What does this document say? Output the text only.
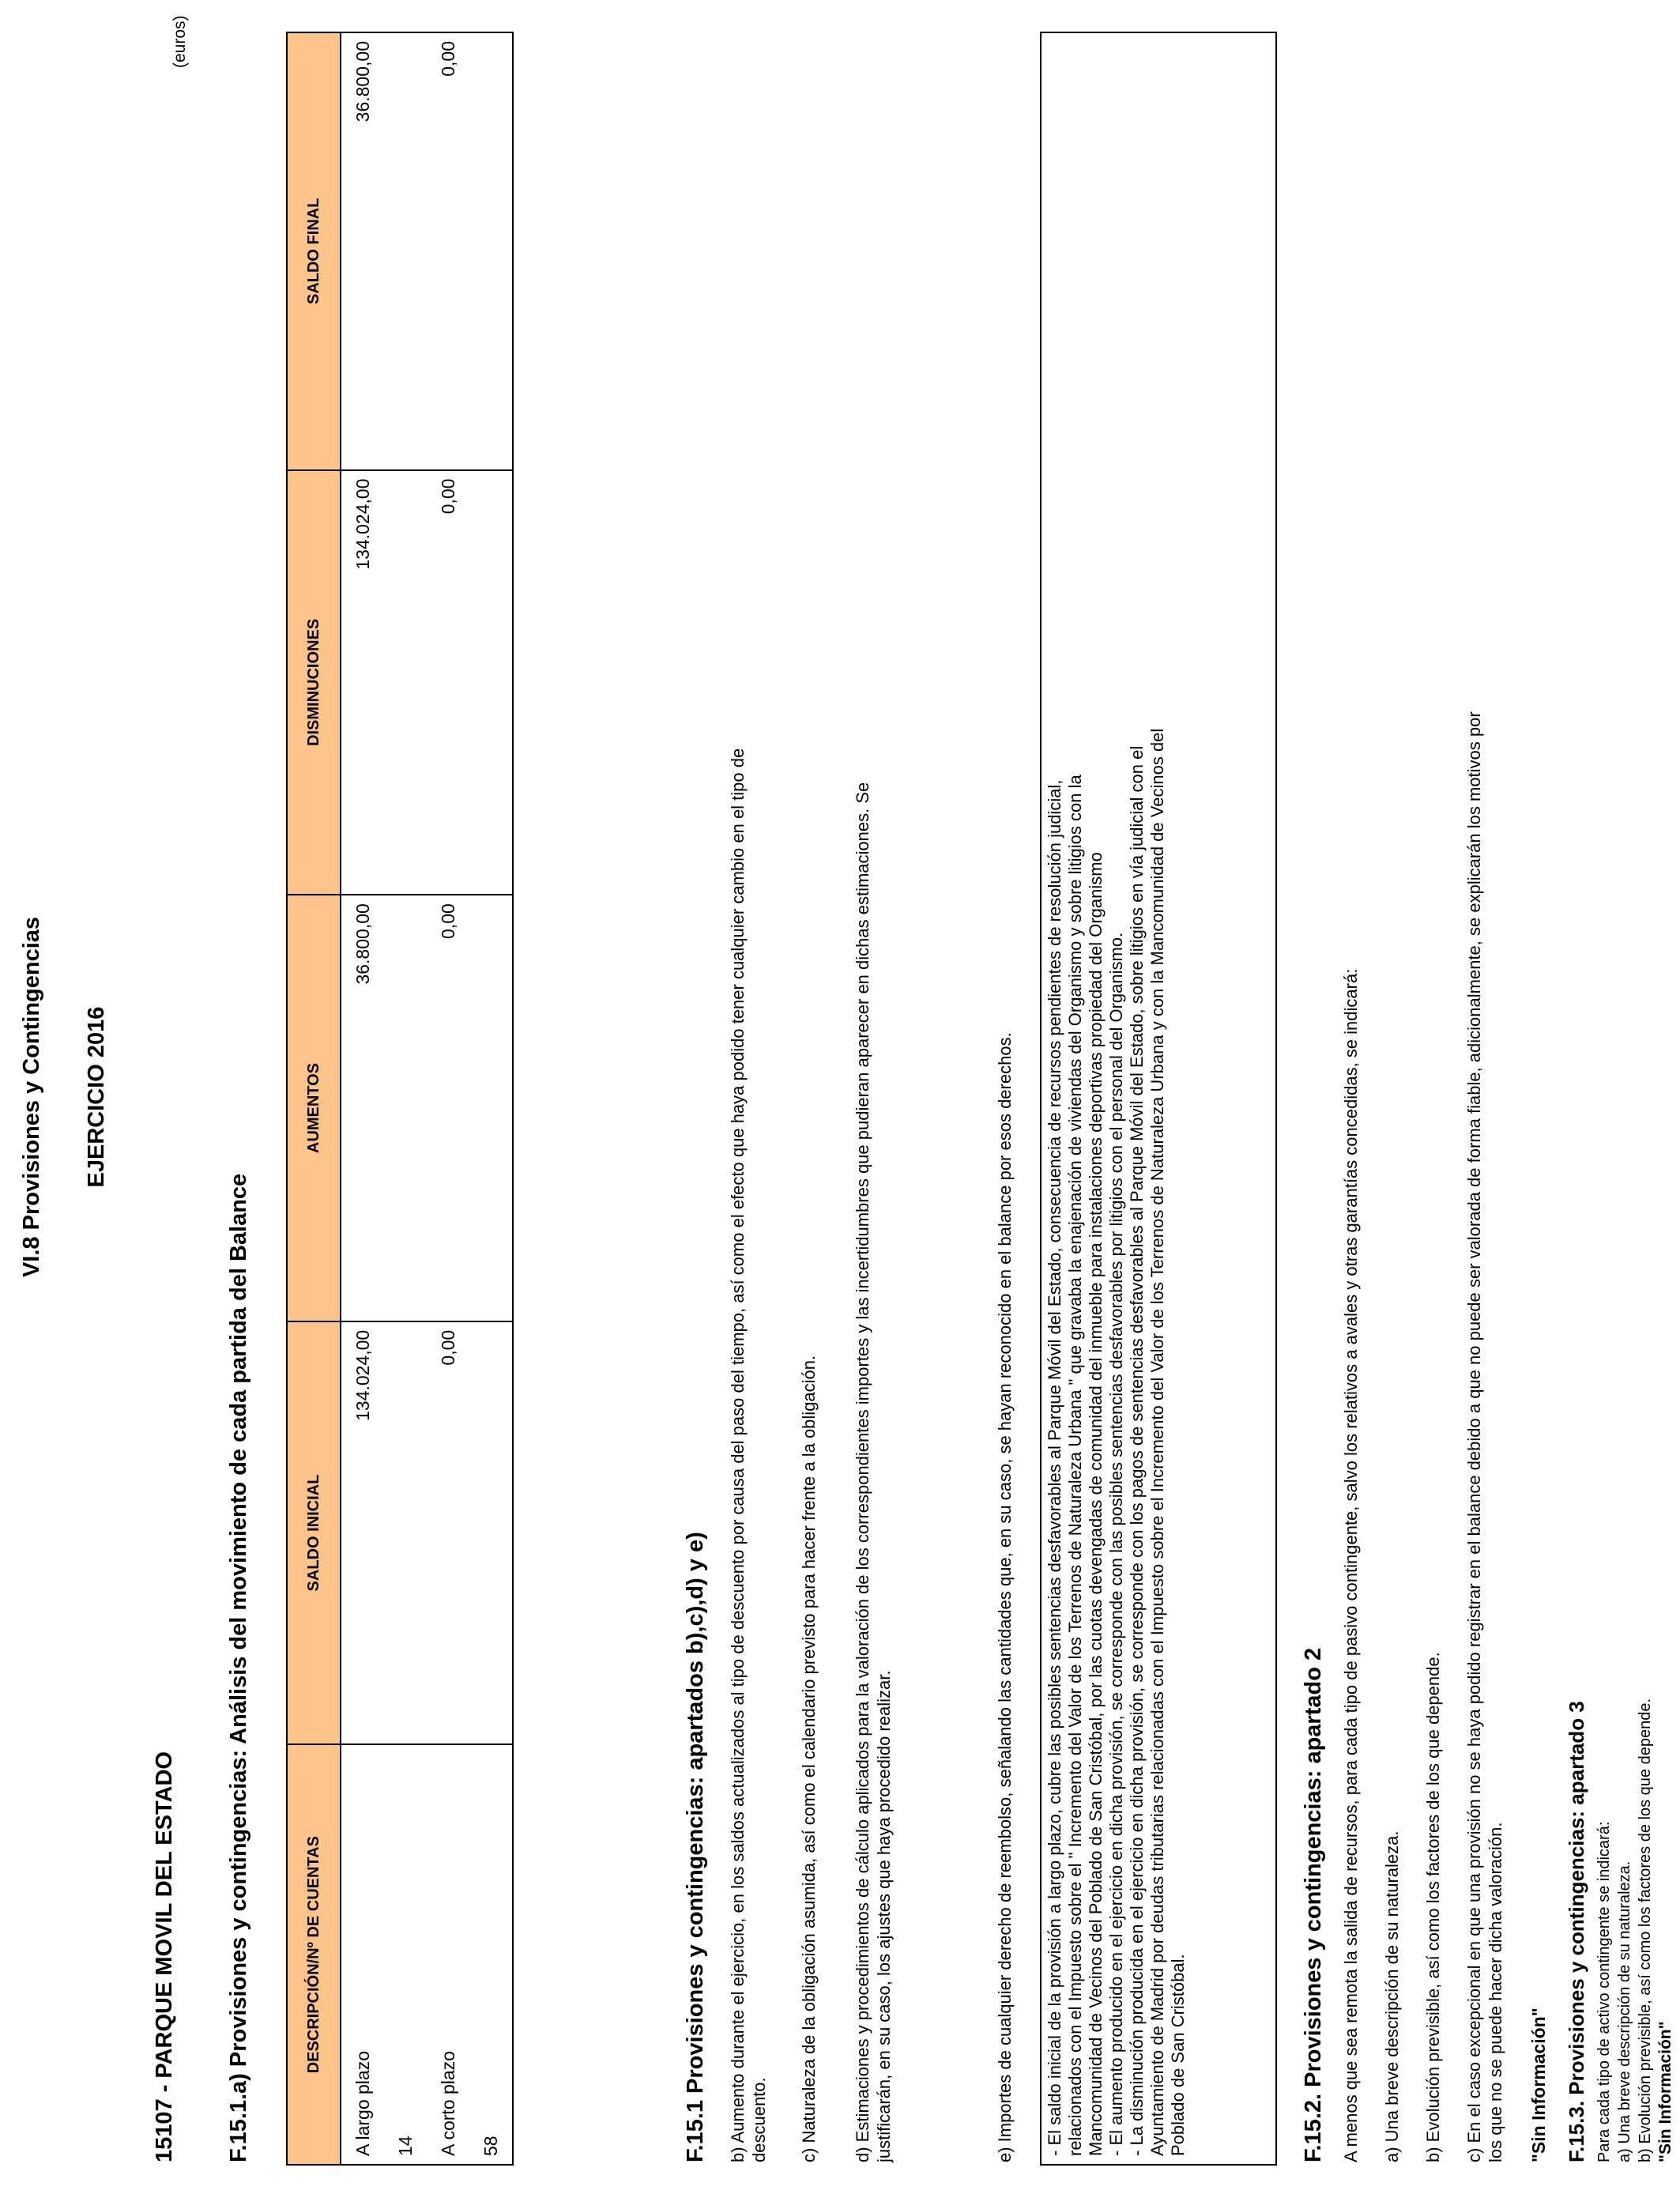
VI.8 Provisiones y Contingencias EJERCICIO 2016
15107 - PARQUE MOVIL DEL ESTADO
(euros)
F.15.1.a) Provisiones y contingencias: Análisis del movimiento de cada partida del Balance	DESCRIPCIÓN/Nº DE CUENTAS	SALDO INICIAL	AUMENTOS	DISMINUCIONES	SALDO FINAL
A largo plazo	134.024,00	36.800,00	134.024,00	36.800,00
14				
A corto plazo	0,00	0,00	0,00	0,00
58					F.15.1 Provisiones y contingencias: apartados b),c),d) y e) b) Aumento durante el ejercicio, en los saldos actualizados al tipo de descuento por causa del paso del tiempo, así como el efecto que haya podido tener cualquier cambio en el tipo de descuento. c) Naturaleza de la obligación asumida, así como el calendario previsto para hacer frente a la obligación. d) Estimaciones y procedimientos de cálculo aplicados para la valoración de los correspondientes importes y las incertidumbres que pudieran aparecer en dichas estimaciones. Se justificarán, en su caso, los ajustes que haya procedido realizar.	e) Importes de cualquier derecho de reembolso, señalando las cantidades que, en su caso, se hayan reconocido en el balance por esos derechos. - El saldo inicial de la provisión a largo plazo, cubre las posibles sentencias desfavorables al Parque Móvil del Estado, consecuencia de recursos pendientes de resolución judicial, relacionados con el Impuesto sobre el " Incremento del Valor de los Terrenos de Naturaleza Urbana " que gravaba la enajenación de viviendas del Organismo y sobre litigios con la Mancomunidad de Vecinos del Poblado de San Cristóbal, por las cuotas devengadas de comunidad del inmueble para instalaciones deportivas propiedad del Organismo - El aumento producido en el ejercicio en dicha provisión, se corresponde con las posibles sentencias desfavorables por litigios con el personal del Organismo. - La disminución producida en el ejercicio en dicha provisión, se corresponde con los pagos de sentencias desfavorables al Parque Móvil del Estado, sobre litigios en vía judicial con el Ayuntamiento de Madrid por deudas tributarias relacionadas con el Impuesto sobre el Incremento del Valor de los Terrenos de Naturaleza Urbana y con la Mancomunidad de Vecinos del Poblado de San Cristóbal.	F.15.2. Provisiones y contingencias: apartado 2 A menos que sea remota la salida de recursos, para cada tipo de pasivo contingente, salvo los relativos a avales y otras garantías concedidas, se indicará: a) Una breve descripción de su naturaleza. b) Evolución previsible, así como los factores de los que depende. c) En el caso excepcional en que una provisión no se haya podido registrar en el balance debido a que no puede ser valorada de forma fiable, adicionalmente, se explicarán los motivos por los que no se puede hacer dicha valoración. "Sin Información" F.15.3. Provisiones y contingencias: apartado 3 Para cada tipo de activo contingente se indicará: a) Una breve descripción de su naturaleza. b) Evolución previsible, así como los factores de los que depende. "Sin Información"
